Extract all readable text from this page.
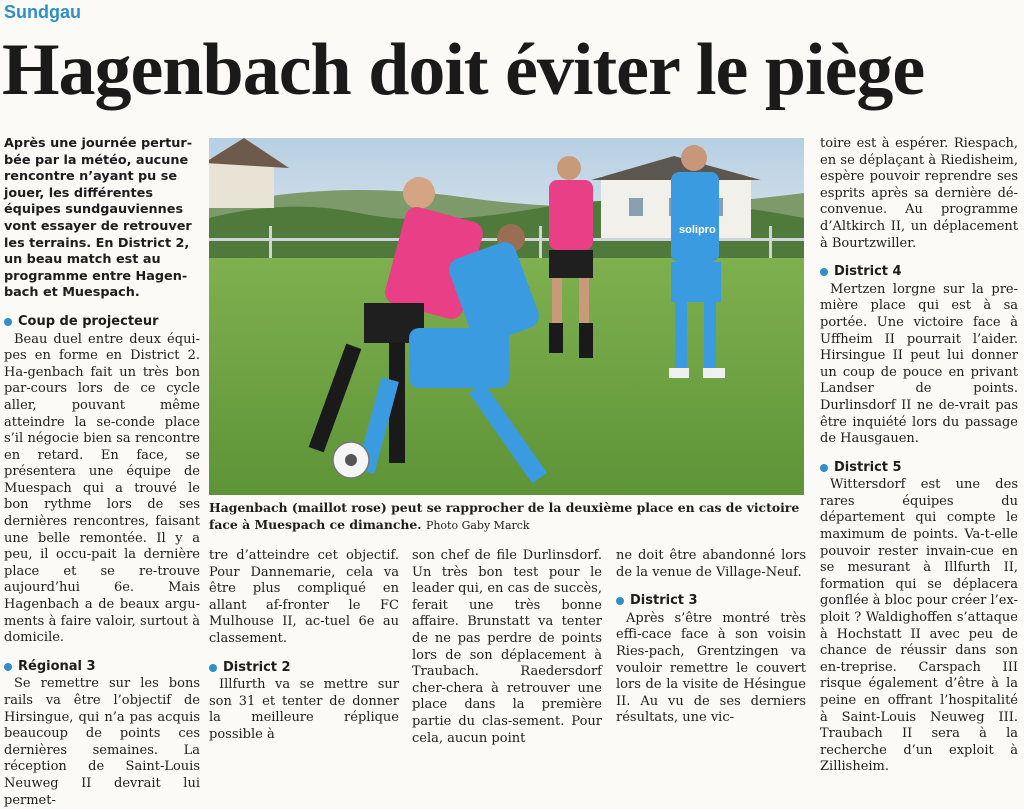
Sundgau
Hagenbach doit éviter le piège

Après une journée pertur-bée par la météo, aucune rencontre n’ayant pu se jouer, les différentes équipes sundgauviennes vont essayer de retrouver les terrains. En District 2, un beau match est au programme entre Hagen-bach et Muespach.

Coup de projecteur

Beau duel entre deux équi-pes en forme en District 2. Ha-genbach fait un très bon par-cours lors de ce cycle aller, pouvant même atteindre la se-conde place s’il négocie bien sa rencontre en retard. En face, se présentera une équipe de Muespach qui a trouvé le bon rythme lors de ses dernières rencontres, faisant une belle remontée. Il y a peu, il occu-pait la dernière place et se re-trouve aujourd’hui 6e. Mais Hagenbach a de beaux argu-ments à faire valoir, surtout à domicile.

Régional 3

Se remettre sur les bons rails va être l’objectif de Hirsingue, qui n’a pas acquis beaucoup de points ces dernières semaines. La réception de Saint-Louis Neuweg II devrait lui permet-

solipro
Hagenbach (maillot rose) peut se rapprocher de la deuxième place en cas de victoire face à Muespach ce dimanche. Photo Gaby Marck

tre d’atteindre cet objectif. Pour Dannemarie, cela va être plus compliqué en allant af-fronter le FC Mulhouse II, ac-tuel 6e au classement.

District 2

Illfurth va se mettre sur son 31 et tenter de donner la meilleure réplique possible à

son chef de file Durlinsdorf. Un très bon test pour le leader qui, en cas de succès, ferait une très bonne affaire. Brunstatt va tenter de ne pas perdre de points lors de son déplacement à Traubach. Raedersdorf cher-chera à retrouver une place dans la première partie du clas-sement. Pour cela, aucun point

ne doit être abandonné lors de la venue de Village-Neuf.

District 3

Après s’être montré très effi-cace face à son voisin Ries-pach, Grentzingen va vouloir remettre le couvert lors de la visite de Hésingue II. Au vu de ses derniers résultats, une vic-

toire est à espérer. Riespach, en se déplaçant à Riedisheim, espère pouvoir reprendre ses esprits après sa dernière dé-convenue. Au programme d’Altkirch II, un déplacement à Bourtzwiller.

District 4

Mertzen lorgne sur la pre-mière place qui est à sa portée. Une victoire face à Uffheim II pourrait l’aider. Hirsingue II peut lui donner un coup de pouce en privant Landser de points. Durlinsdorf II ne de-vrait pas être inquiété lors du passage de Hausgauen.

District 5

Wittersdorf est une des rares équipes du département qui compte le maximum de points. Va-t-elle pouvoir rester invain-cue en se mesurant à Illfurth II, formation qui se déplacera gonflée à bloc pour créer l’ex-ploit ? Waldighoffen s’attaque à Hochstatt II avec peu de chance de réussir dans son en-treprise. Carspach III risque également d’être à la peine en offrant l’hospitalité à Saint-Louis Neuweg III. Traubach II sera à la recherche d’un exploit à Zillisheim.
